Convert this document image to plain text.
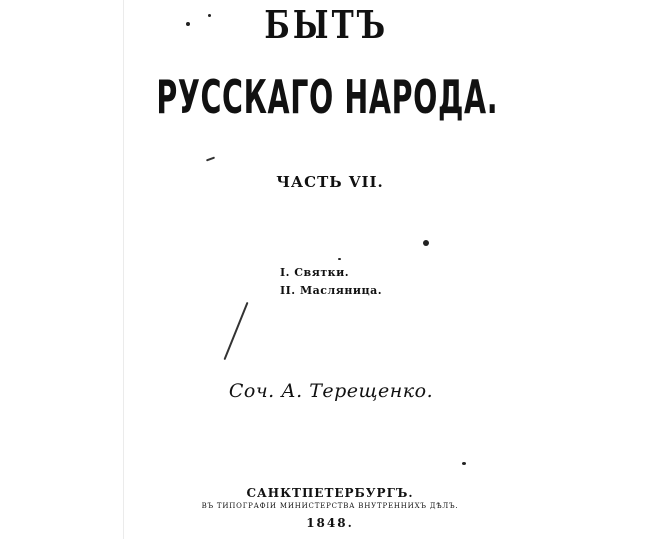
БЫТЪ
РУССКАГО НАРОДА.
ЧАСТЬ VII.
I. Святки.
II. Масляница.
Соч. А. Терещенко.
САНКТПЕТЕРБУРГЪ.
ВЪ ТИПОГРАФІИ МИНИСТЕРСТВА ВНУТРЕННИХЪ ДѢЛЪ.
1848.
